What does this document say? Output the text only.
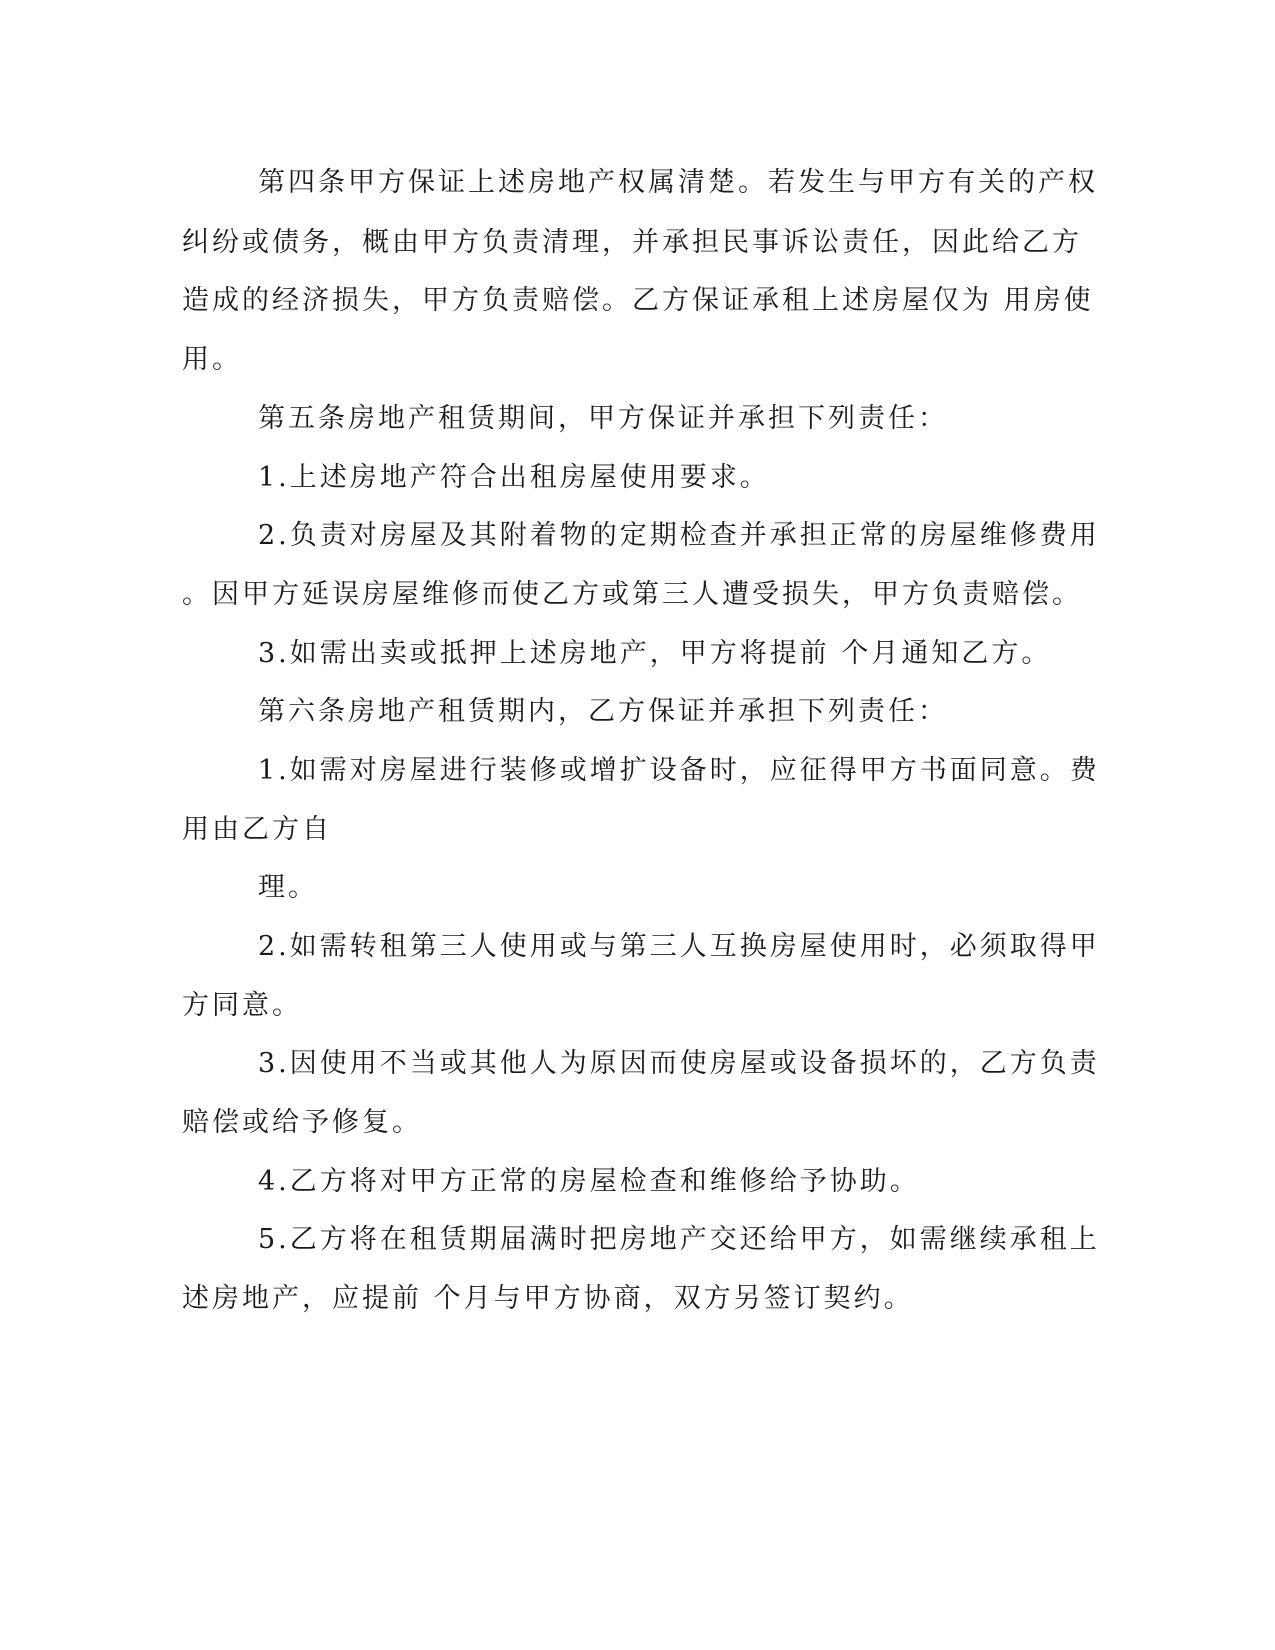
第四条甲方保证上述房地产权属清楚。若发生与甲方有关的产权
纠纷或债务，概由甲方负责清理，并承担民事诉讼责任，因此给乙方
造成的经济损失，甲方负责赔偿。乙方保证承租上述房屋仅为 用房使
用。
第五条房地产租赁期间，甲方保证并承担下列责任：
1.上述房地产符合出租房屋使用要求。
2.负责对房屋及其附着物的定期检查并承担正常的房屋维修费用
。因甲方延误房屋维修而使乙方或第三人遭受损失，甲方负责赔偿。
3.如需出卖或抵押上述房地产，甲方将提前 个月通知乙方。
第六条房地产租赁期内，乙方保证并承担下列责任：
1.如需对房屋进行装修或增扩设备时，应征得甲方书面同意。费
用由乙方自
理。
2.如需转租第三人使用或与第三人互换房屋使用时，必须取得甲
方同意。
3.因使用不当或其他人为原因而使房屋或设备损坏的，乙方负责
赔偿或给予修复。
4.乙方将对甲方正常的房屋检查和维修给予协助。
5.乙方将在租赁期届满时把房地产交还给甲方，如需继续承租上
述房地产，应提前 个月与甲方协商，双方另签订契约。
